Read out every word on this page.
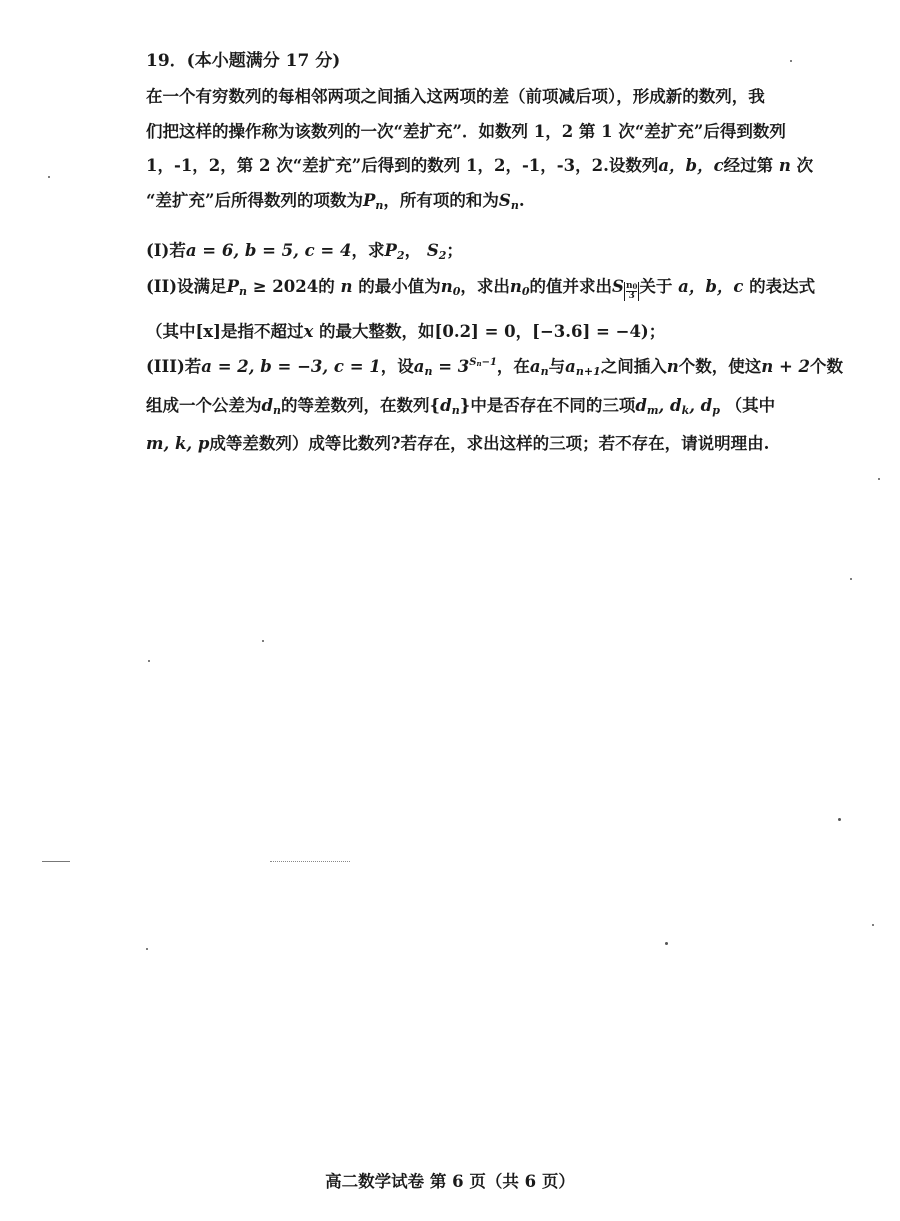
19．(本小题满分 17 分)
在一个有穷数列的每相邻两项之间插入这两项的差（前项减后项），形成新的数列，我
们把这样的操作称为该数列的一次“差扩充”．如数列 1，2 第 1 次“差扩充”后得到数列
1，-1，2，第 2 次“差扩充”后得到的数列 1，2，-1，-3，2.设数列a，b，c经过第 n 次
“差扩充”后所得数列的项数为$P_n$，所有项的和为$S_n$.
(I)若a = 6, b = 5, c = 4，求$P_2$， $S_2$；
(II)设满足$P_n \ge 2024$的 n 的最小值为$n_0$，求出$n_0$的值并求出S $\frac{n_0}{3}$关于 a，b，c 的表达式
（其中[x]是指不超过x 的最大整数，如[0.2] = 0，[−3.6] = −4)；
(III)若a = 2, b = −3, c = 1，设$a_n = 3^{S_n-1}$，在$a_n$与$a_{n+1}$之间插入n个数，使这n + 2个数
组成一个公差为$d_n$的等差数列，在数列$\{d_n\}$中是否存在不同的三项$d_m$, $d_k$, $d_p$ （其中
m, k, p成等差数列）成等比数列?若存在，求出这样的三项；若不存在，请说明理由.
高二数学试卷 第 6 页（共 6 页）
